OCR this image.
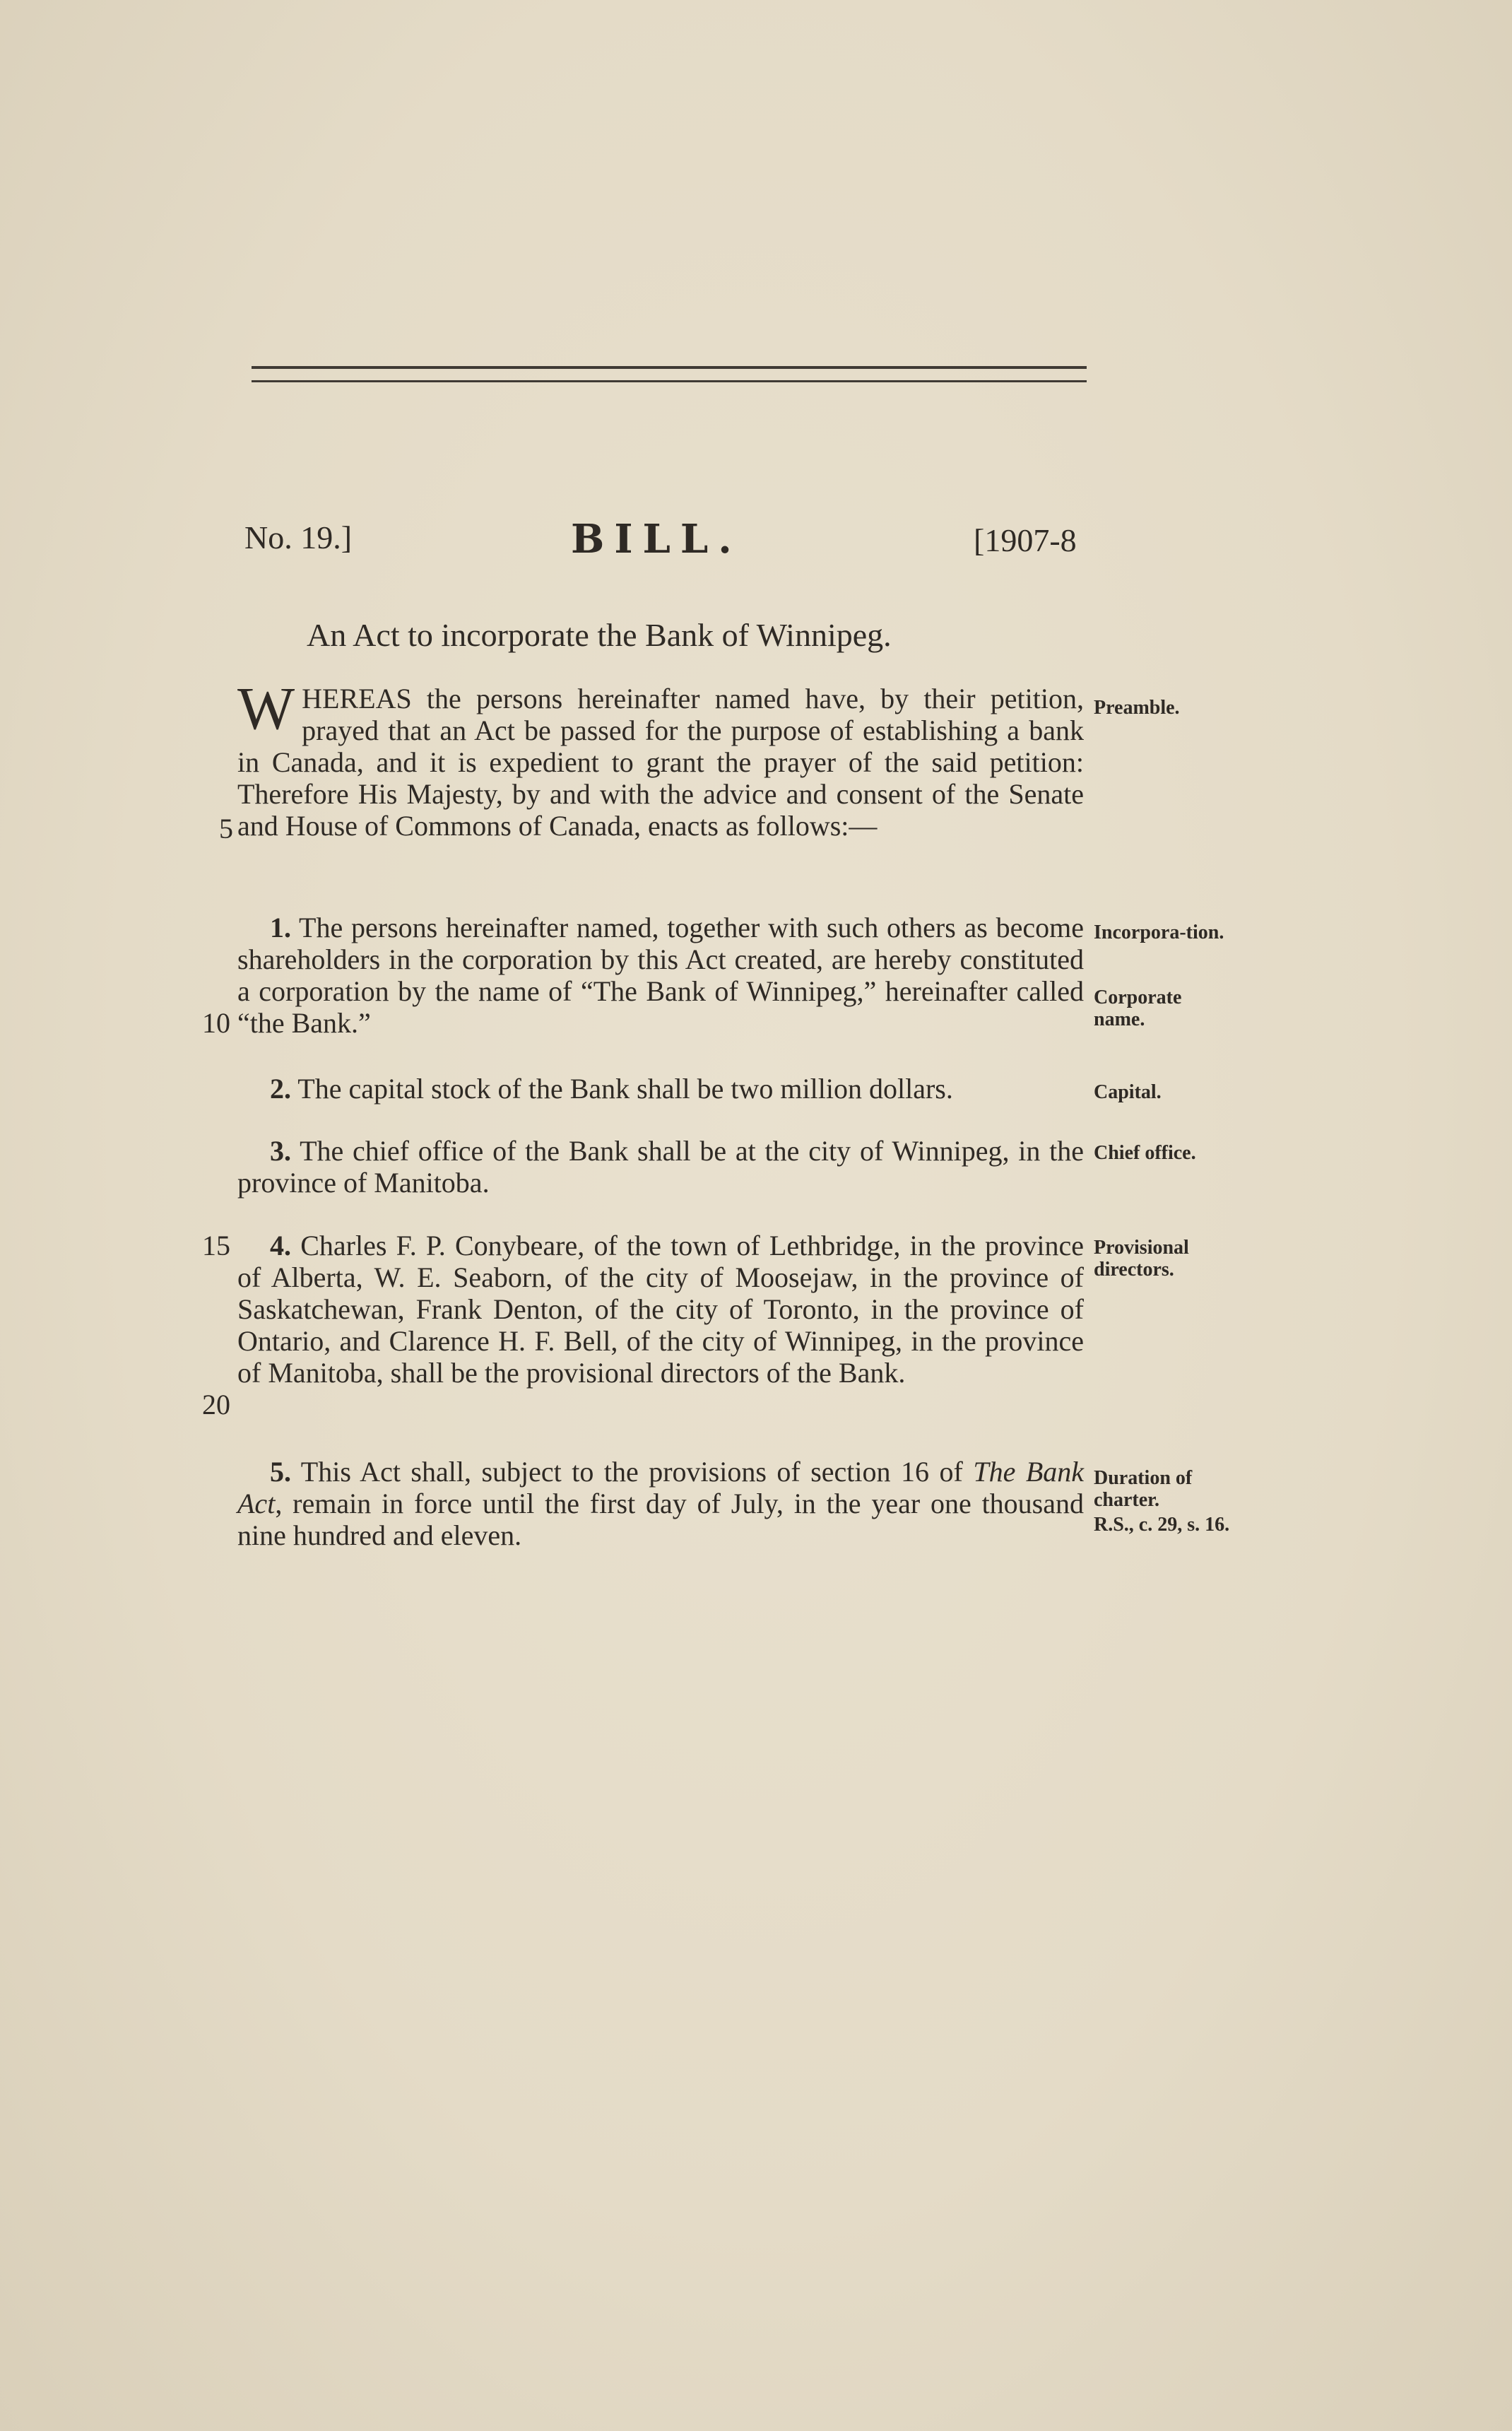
No. 19.]	BILL.	[1907-8
An Act to incorporate the Bank of Winnipeg.

WHEREAS the persons hereinafter named have, by their petition, prayed that an Act be passed for the purpose of establishing a bank in Canada, and it is expedient to grant the prayer of the said petition: Therefore His Majesty, by and with the advice and consent of the Senate and House of Commons of Canada, enacts as follows:—

1. The persons hereinafter named, together with such others as become shareholders in the corporation by this Act created, are hereby constituted a corporation by the name of “The Bank of Winnipeg,” hereinafter called “the Bank.”

2. The capital stock of the Bank shall be two million dollars.

3. The chief office of the Bank shall be at the city of Winnipeg, in the province of Manitoba.

4. Charles F. P. Conybeare, of the town of Lethbridge, in the province of Alberta, W. E. Seaborn, of the city of Moosejaw, in the province of Saskatchewan, Frank Denton, of the city of Toronto, in the province of Ontario, and Clarence H. F. Bell, of the city of Winnipeg, in the province of Manitoba, shall be the provisional directors of the Bank.

5. This Act shall, subject to the provisions of section 16 of The Bank Act, remain in force until the first day of July, in the year one thousand nine hundred and eleven.

Preamble.
Incorpora-tion.
Corporate name.
Capital.
Chief office.
Provisional directors.
Duration of charter.
R.S., c. 29, s. 16.
5
10
15
20
